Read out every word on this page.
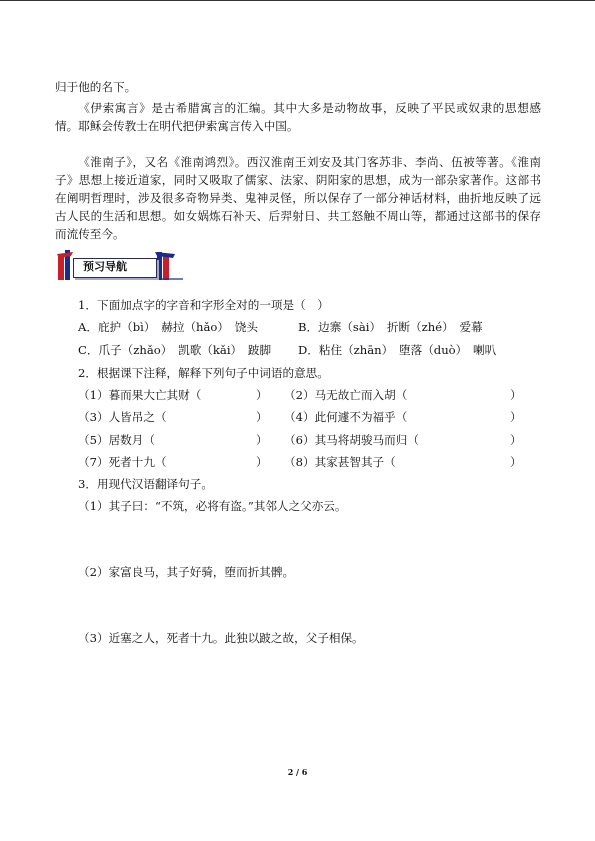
归于他的名下。

《伊索寓言》是古希腊寓言的汇编。其中大多是动物故事，反映了平民或奴隶的思想感情。耶稣会传教士在明代把伊索寓言传入中国。

《淮南子》，又名《淮南鸿烈》。西汉淮南王刘安及其门客苏非、李尚、伍被等著。《淮南子》思想上接近道家，同时又吸取了儒家、法家、阴阳家的思想，成为一部杂家著作。这部书在阐明哲理时，涉及很多奇物异类、鬼神灵怪，所以保存了一部分神话材料，曲折地反映了远古人民的生活和思想。如女娲炼石补天、后羿射日、共工怒触不周山等，都通过这部书的保存而流传至今。

预习导航
1．下面加点字的字音和字形全对的一项是（　）
A．庇护（bì）　赫拉（hǎo）　饶头	B．边寨（sài）　折断（zhé）　爱幕
C．爪子（zhǎo）　凯歌（kǎi）　跛脚 D．粘住（zhān）　堕落（duò）　喇叭
2．根据课下注释，解释下列句子中词语的意思。
（1）暮而果大亡其财（	） （2）马无故亡而入胡（	）
（3）人皆吊之（	） （4）此何遽不为福乎（	）
（5）居数月（	） （6）其马将胡骏马而归（	）
（7）死者十九（	） （8）其家甚智其子（	）
3．用现代汉语翻译句子。
（1）其子曰：“不筑，必将有盗。”其邻人之父亦云。
（2）家富良马，其子好骑，堕而折其髀。
（3）近塞之人，死者十九。此独以跛之故，父子相保。
2 / 6
